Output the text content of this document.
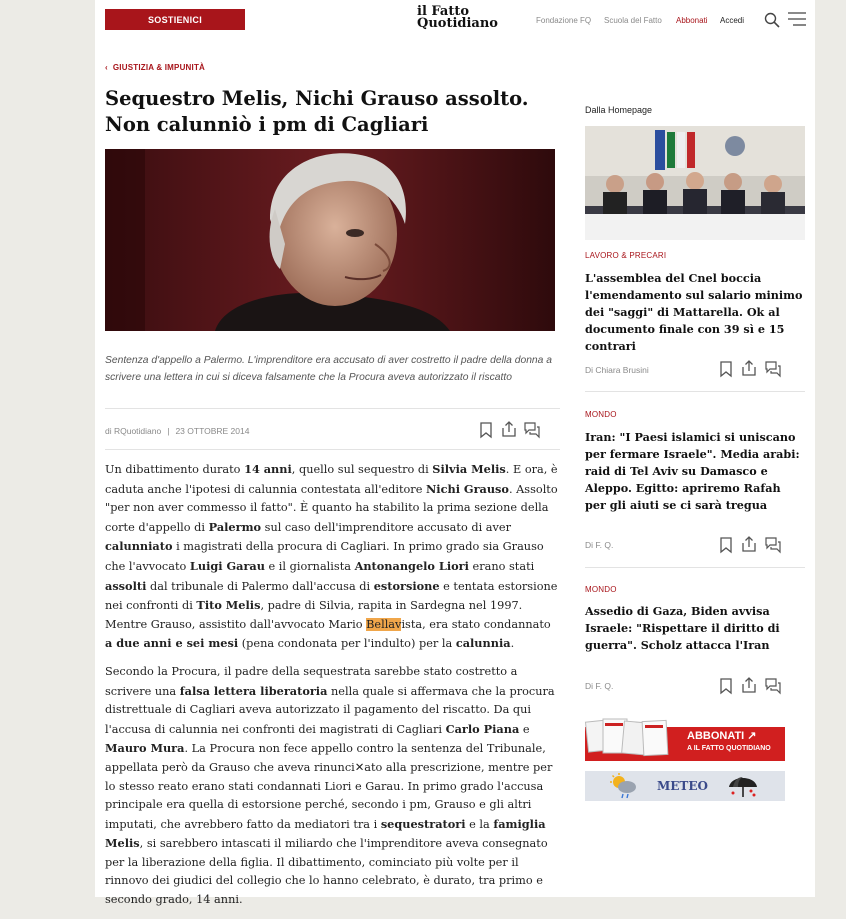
SOSTIENICI
il Fatto
Quotidiano	Fondazione FQ Scuola del Fatto Abbonati Accedi
‹ GIUSTIZIA & IMPUNITÀ
Sequestro Melis, Nichi Grauso assolto. Non calunniò i pm di Cagliari
Sentenza d'appello a Palermo. L'imprenditore era accusato di aver costretto il padre della donna a scrivere una lettera in cui si diceva falsamente che la Procura aveva autorizzato il riscatto
di RQuotidiano | 23 OTTOBRE 2014

Un dibattimento durato 14 anni, quello sul sequestro di Silvia Melis. E ora, è caduta anche l'ipotesi di calunnia contestata all'editore Nichi Grauso. Assolto "per non aver commesso il fatto". È quanto ha stabilito la prima sezione della corte d'appello di Palermo sul caso dell'imprenditore accusato di aver calunniato i magistrati della procura di Cagliari. In primo grado sia Grauso che l'avvocato Luigi Garau e il giornalista Antonangelo Liori erano stati assolti dal tribunale di Palermo dall'accusa di estorsione e tentata estorsione nei confronti di Tito Melis, padre di Silvia, rapita in Sardegna nel 1997. Mentre Grauso, assistito dall'avvocato Mario Bellavista, era stato condannato a due anni e sei mesi (pena condonata per l'indulto) per la calunnia.

Secondo la Procura, il padre della sequestrata sarebbe stato costretto a scrivere una falsa lettera liberatoria nella quale si affermava che la procura distrettuale di Cagliari aveva autorizzato il pagamento del riscatto. Da qui l'accusa di calunnia nei confronti dei magistrati di Cagliari Carlo Piana e Mauro Mura. La Procura non fece appello contro la sentenza del Tribunale, appellata però da Grauso che aveva rinunci✕ato alla prescrizione, mentre per lo stesso reato erano stati condannati Liori e Garau. In primo grado l'accusa principale era quella di estorsione perché, secondo i pm, Grauso e gli altri imputati, che avrebbero fatto da mediatori tra i sequestratori e la famiglia Melis, si sarebbero intascati il miliardo che l'imprenditore aveva consegnato per la liberazione della figlia. Il dibattimento, cominciato più volte per il rinnovo dei giudici del collegio che lo hanno celebrato, è durato, tra primo e secondo grado, 14 anni.

Dalla Homepage
LAVORO & PRECARI
L'assemblea del Cnel boccia l'emendamento sul salario minimo dei "saggi" di Mattarella. Ok al documento finale con 39 sì e 15 contrari
Di Chiara Brusini
MONDO
Iran: "I Paesi islamici si uniscano per fermare Israele". Media arabi: raid di Tel Aviv su Damasco e Aleppo. Egitto: apriremo Rafah per gli aiuti se ci sarà tregua
Di F. Q.
MONDO
Assedio di Gaza, Biden avvisa Israele: "Rispettare il diritto di guerra". Scholz attacca l'Iran
Di F. Q.
ABBONATI ↗
A IL FATTO QUOTIDIANO
METEO
